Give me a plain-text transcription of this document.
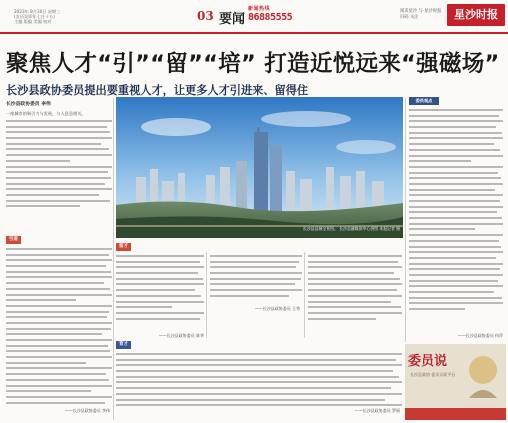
2023年 8月30日 星期三
(农历癸卯年七月十五)
主编 版编 美编 校对	03 要闻
新闻热线
86885555
阅读星沙 与·星沙时报
扫码 关注	星沙时报
聚焦人才“引”“留”“培” 打造近悦远来“强磁场”
长沙县政协委员提出要重视人才，让更多人才引进来、留得住
长沙县政协委员 李伟
一座城市的吸引力与发展，与人息息相关。
引进
——长沙县政协委员 李伟
长沙县县城全景图。 长沙县融媒体中心供图 本报记者 摄
留才
——长沙县政协委员 陈华
——长沙县政协委员 王秀
育才
——长沙县政协委员 罗丽
委员观点
——长沙县政协委员 何萍
委员说
长沙县政协 委员议政平台
